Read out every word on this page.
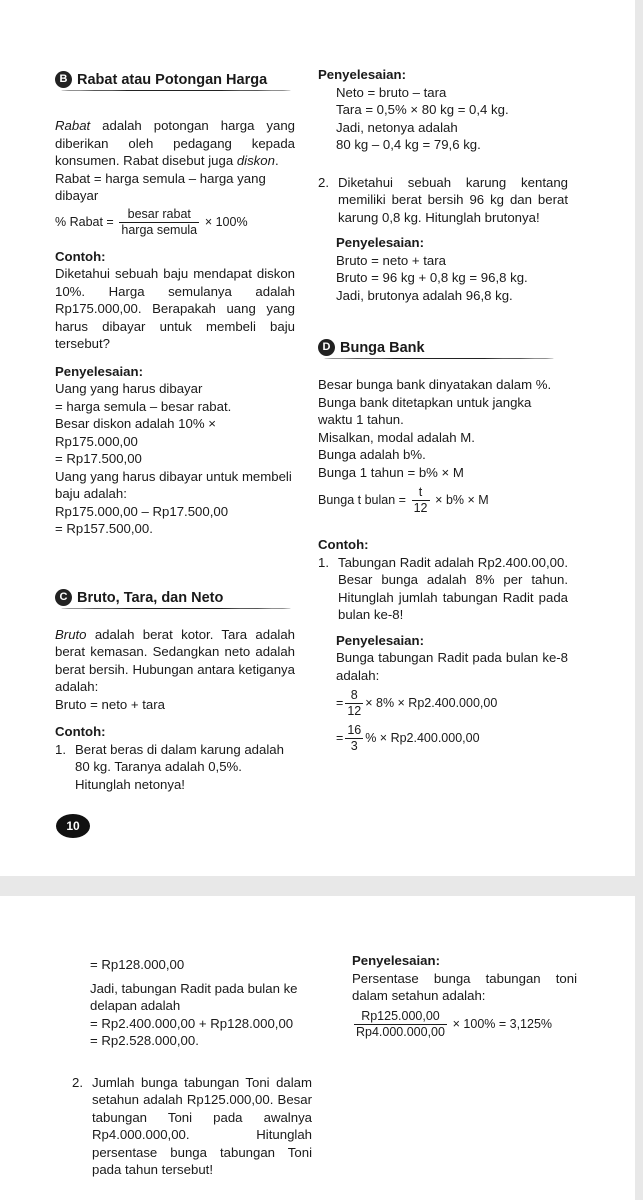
B Rabat atau Potongan Harga

Rabat adalah potongan harga yang diberikan oleh pedagang kepada konsumen. Rabat disebut juga diskon.

Rabat = harga semula – harga yang dibayar

% Rabat = $\frac{\text{besar rabat}}{\text{harga semula}} \times 100\%$

Contoh:

Diketahui sebuah baju mendapat diskon 10%. Harga semulanya adalah Rp175.000,00. Berapakah uang yang harus dibayar untuk membeli baju tersebut?

Penyelesaian:

Uang yang harus dibayar

= harga semula – besar rabat.

Besar diskon adalah 10% × Rp175.000,00

= Rp17.500,00

Uang yang harus dibayar untuk membeli

baju adalah:

Rp175.000,00 – Rp17.500,00

= Rp157.500,00.

C Bruto, Tara, dan Neto

Bruto adalah berat kotor. Tara adalah berat kemasan. Sedangkan neto adalah berat bersih. Hubungan antara ketiganya adalah:

Bruto = neto + tara

Contoh:

1. Berat beras di dalam karung adalah 80 kg. Taranya adalah 0,5%. Hitunglah netonya!

Penyelesaian:

Neto = bruto – tara

Tara = 0,5% × 80 kg = 0,4 kg.

Jadi, netonya adalah

80 kg – 0,4 kg = 79,6 kg.

2. Diketahui sebuah karung kentang memiliki berat bersih 96 kg dan berat karung 0,8 kg. Hitunglah brutonya!

Penyelesaian:

Bruto = neto + tara

Bruto = 96 kg + 0,8 kg = 96,8 kg.

Jadi, brutonya adalah 96,8 kg.

D Bunga Bank

Besar bunga bank dinyatakan dalam %.

Bunga bank ditetapkan untuk jangka waktu 1 tahun.

Misalkan, modal adalah M.

Bunga adalah b%.

Bunga 1 tahun = b% × M

Bunga t bulan = $\frac{t}{12} \times b\% \times M$

Contoh:

1. Tabungan Radit adalah Rp2.400.00,00. Besar bunga adalah 8% per tahun. Hitunglah jumlah tabungan Radit pada bulan ke-8!

Penyelesaian:

Bunga tabungan Radit pada bulan ke-8 adalah:

= $\frac{8}{12} \times 8\% \times Rp2.400.000,00$
= $\frac{16}{3}$ % × Rp2.400.000,00
10

= Rp128.000,00

Jadi, tabungan Radit pada bulan ke delapan adalah

= Rp2.400.000,00 + Rp128.000,00

= Rp2.528.000,00.

2. Jumlah bunga tabungan Toni dalam setahun adalah Rp125.000,00. Besar tabungan Toni pada awalnya Rp4.000.000,00. Hitunglah persentase bunga tabungan Toni pada tahun tersebut!

Penyelesaian:

Persentase bunga tabungan toni dalam setahun adalah:

$\frac{Rp125.000,00}{Rp4.000.000,00} \times 100\% = 3,125\%$
